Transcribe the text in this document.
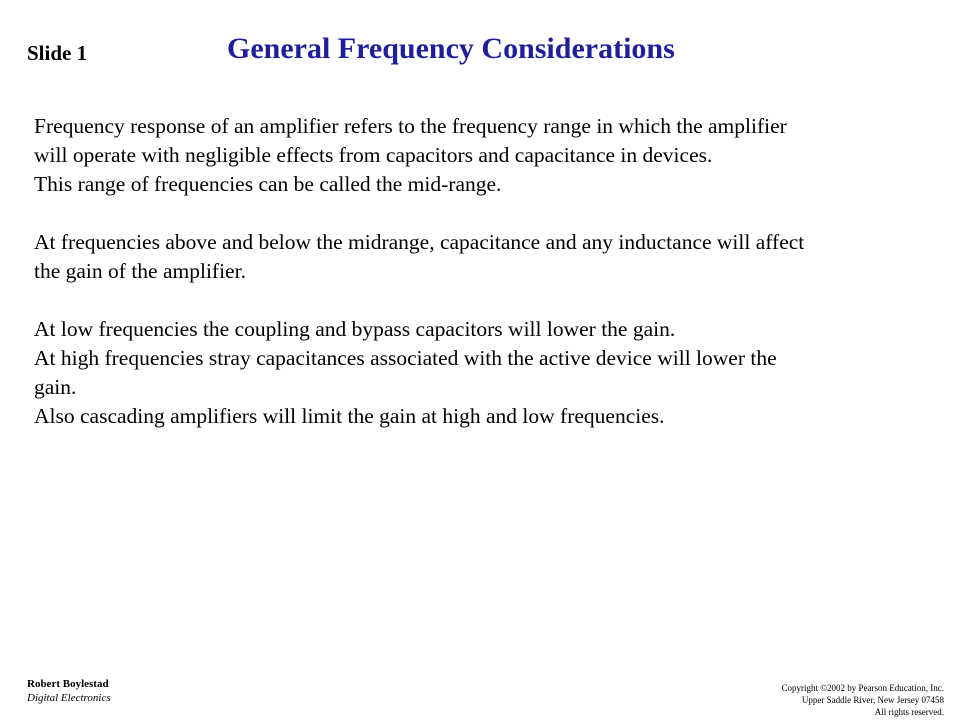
Slide 1	General Frequency Considerations

Frequency response of an amplifier refers to the frequency range in which the amplifier
will operate with negligible effects from capacitors and capacitance in devices.
This range of frequencies can be called the mid-range.

At frequencies above and below the midrange, capacitance and any inductance will affect
the gain of the amplifier.

At low frequencies the coupling and bypass capacitors will lower the gain.
At high frequencies stray capacitances associated with the active device will lower the
gain.
Also cascading amplifiers will limit the gain at high and low frequencies.

Robert Boylestad
Digital Electronics
Copyright ©2002 by Pearson Education, Inc.
Upper Saddle River, New Jersey 07458
All rights reserved.
